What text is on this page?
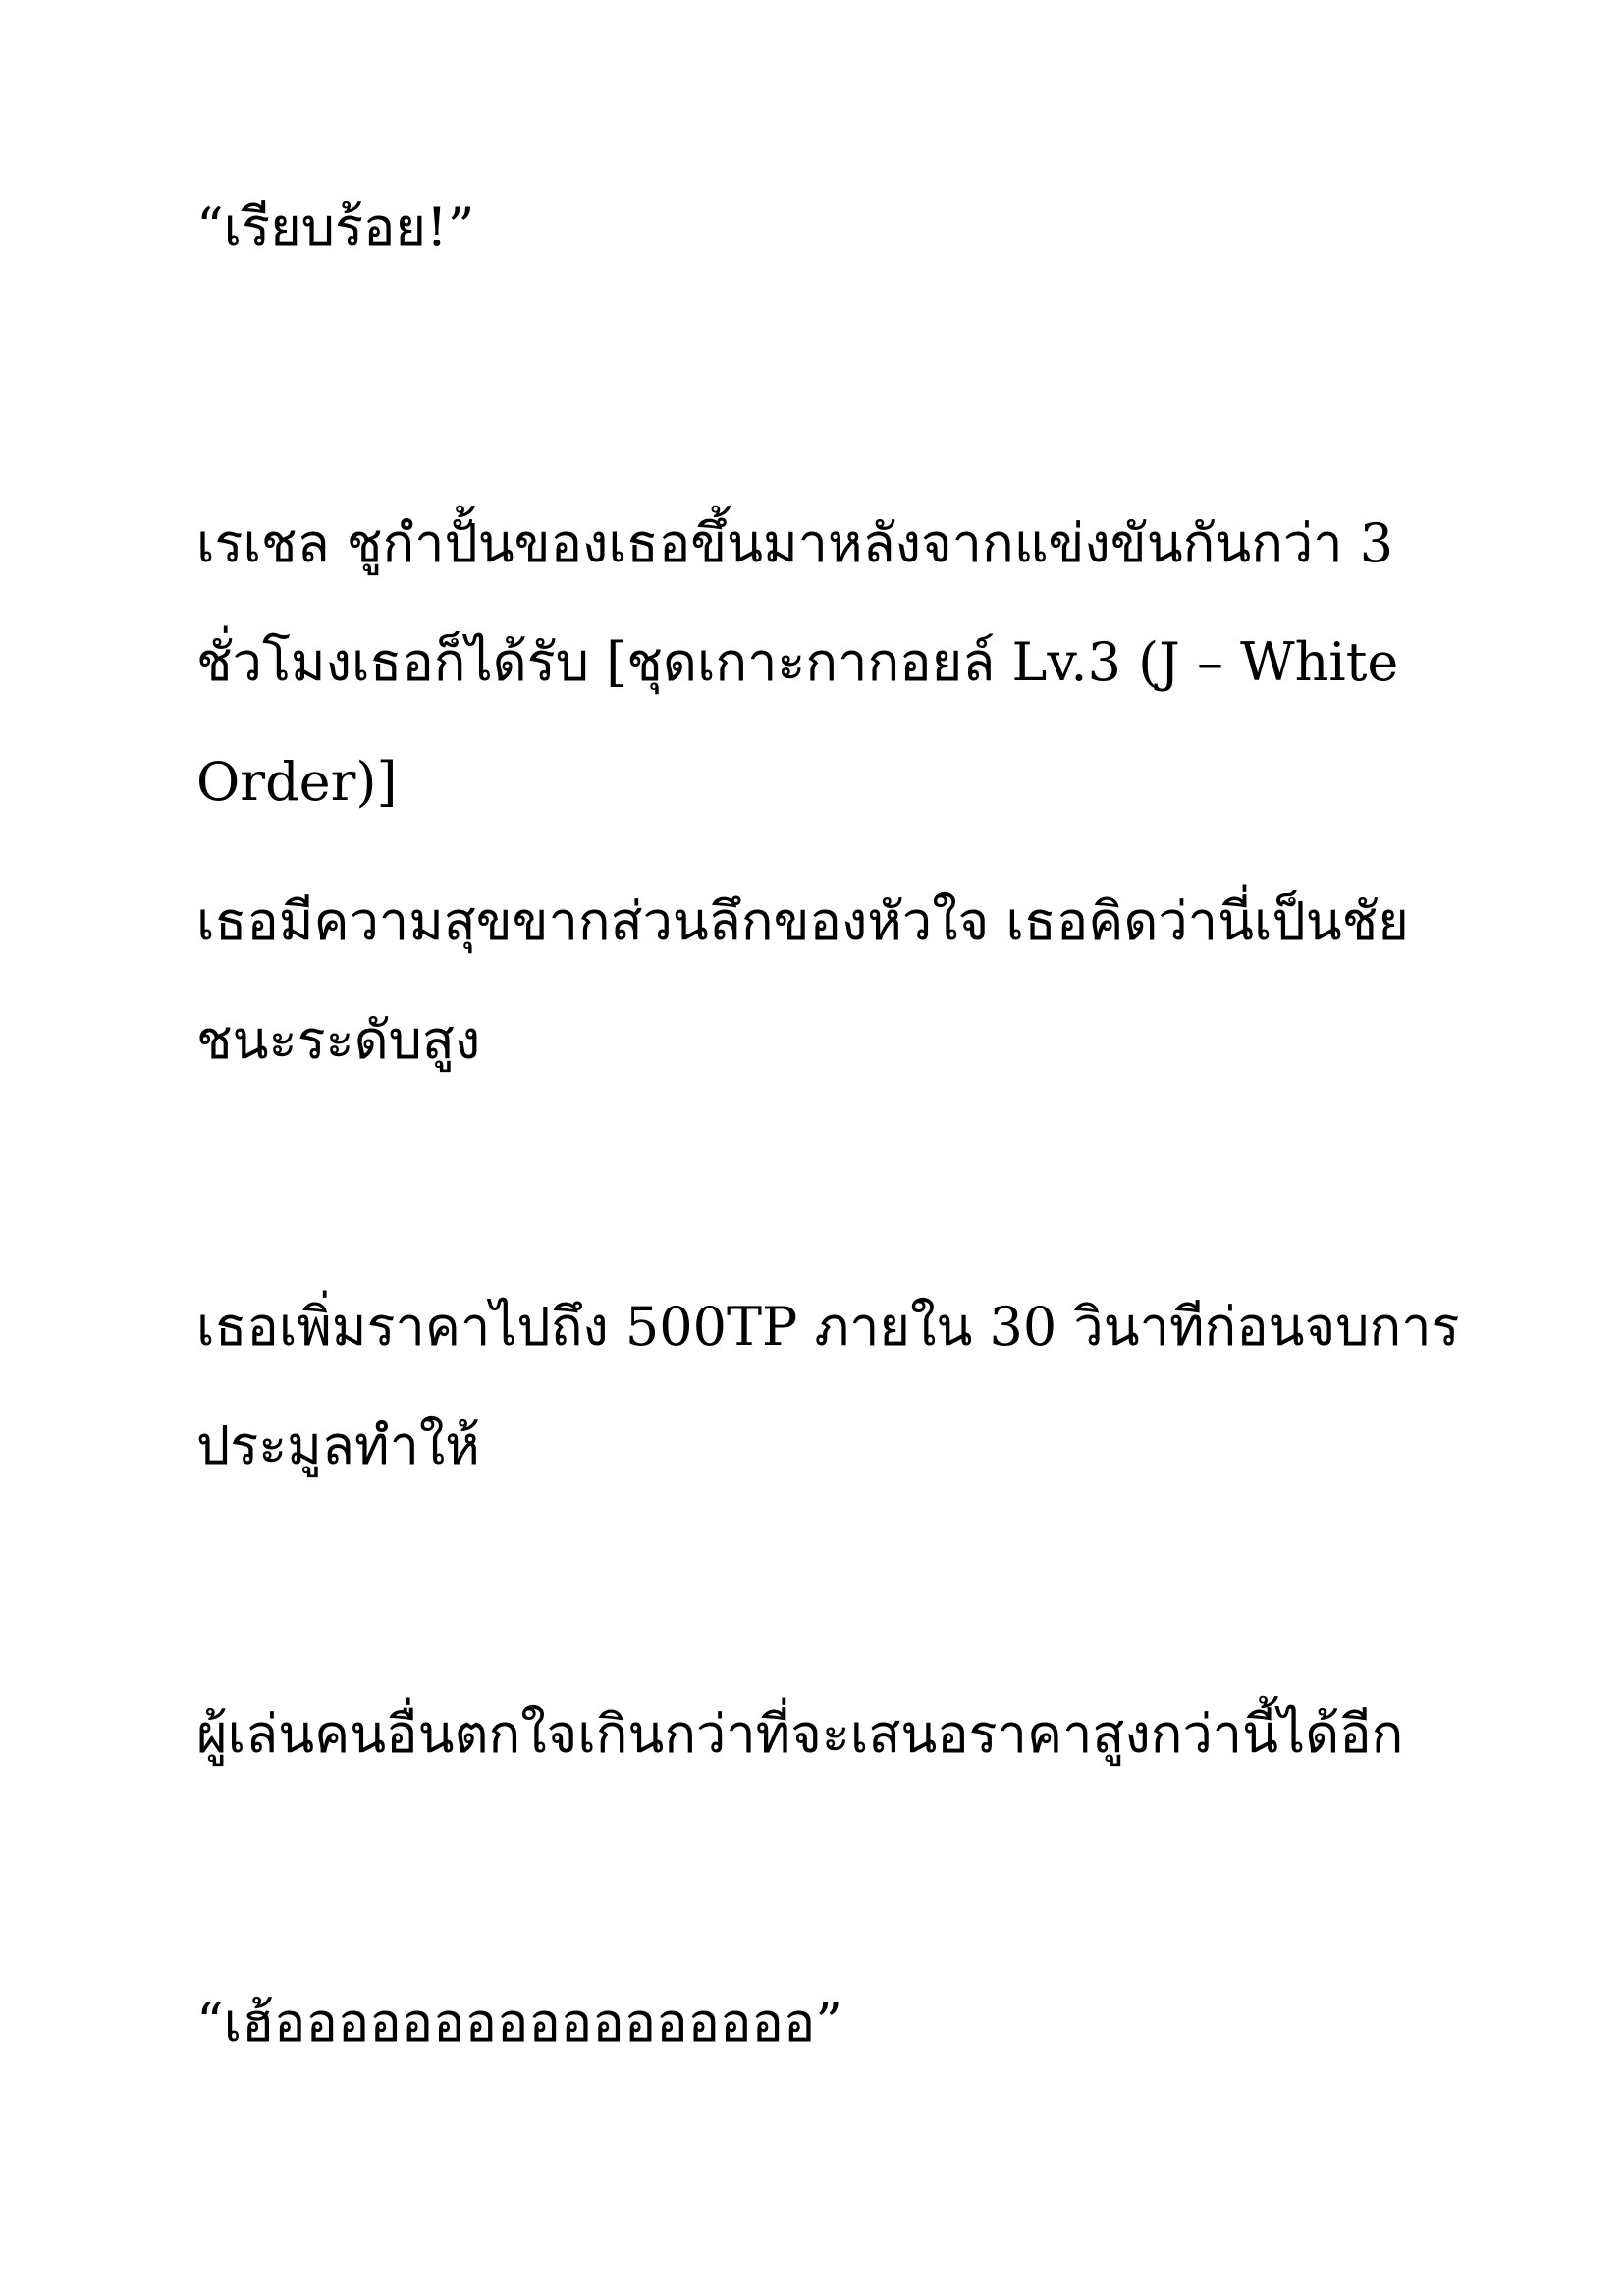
“เรียบร้อย!”
เรเชล ชูกำปั้นของเธอขึ้นมาหลังจากแข่งขันกันกว่า 3
ชั่วโมงเธอก็ได้รับ [ชุดเกาะกากอยล์ Lv.3 (J – White
Order)]
เธอมีความสุขขากส่วนลึกของหัวใจ เธอคิดว่านี่เป็นชัย
ชนะระดับสูง
เธอเพิ่มราคาไปถึง 500TP ภายใน 30 วินาทีก่อนจบการ
ประมูลทำให้
ผู้เล่นคนอื่นตกใจเกินกว่าที่จะเสนอราคาสูงกว่านี้ได้อีก
“เฮ้อออออออออออออออออ”
